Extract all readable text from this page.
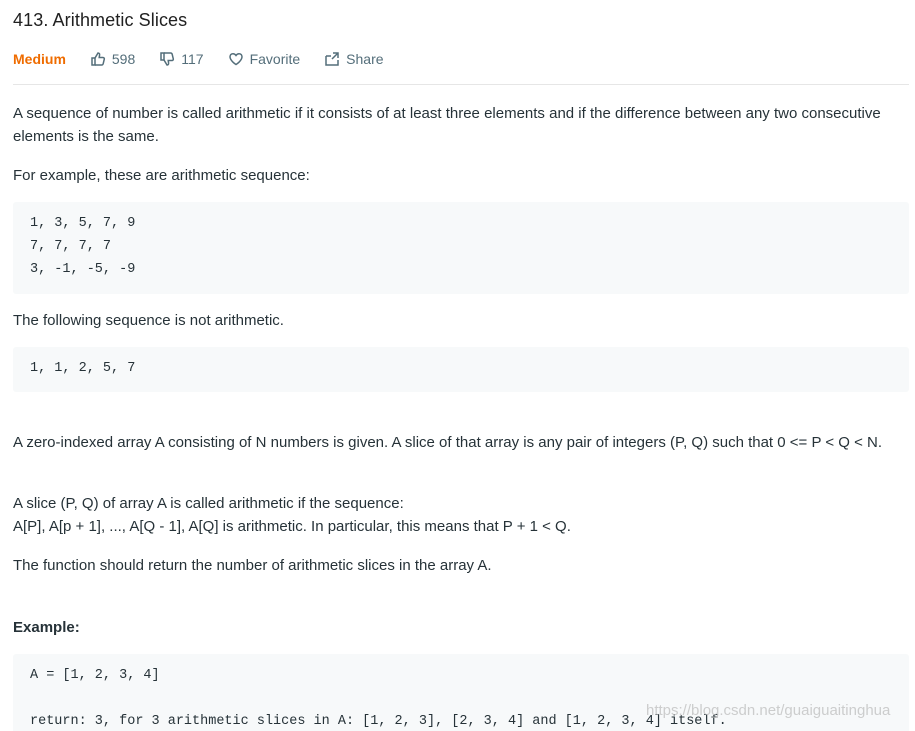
413. Arithmetic Slices
Medium	598	117	Favorite	Share
A sequence of number is called arithmetic if it consists of at least three elements and if the difference between any two consecutive elements is the same.
For example, these are arithmetic sequence:
1, 3, 5, 7, 9
7, 7, 7, 7
3, -1, -5, -9
The following sequence is not arithmetic.
1, 1, 2, 5, 7
A zero-indexed array A consisting of N numbers is given. A slice of that array is any pair of integers (P, Q) such that 0 <= P < Q < N.
A slice (P, Q) of array A is called arithmetic if the sequence:
A[P], A[p + 1], ..., A[Q - 1], A[Q] is arithmetic. In particular, this means that P + 1 < Q.
The function should return the number of arithmetic slices in the array A.
Example:
A = [1, 2, 3, 4]
return: 3, for 3 arithmetic slices in A: [1, 2, 3], [2, 3, 4] and [1, 2, 3, 4] itself.
https://blog.csdn.net/guaiguaitinghua
